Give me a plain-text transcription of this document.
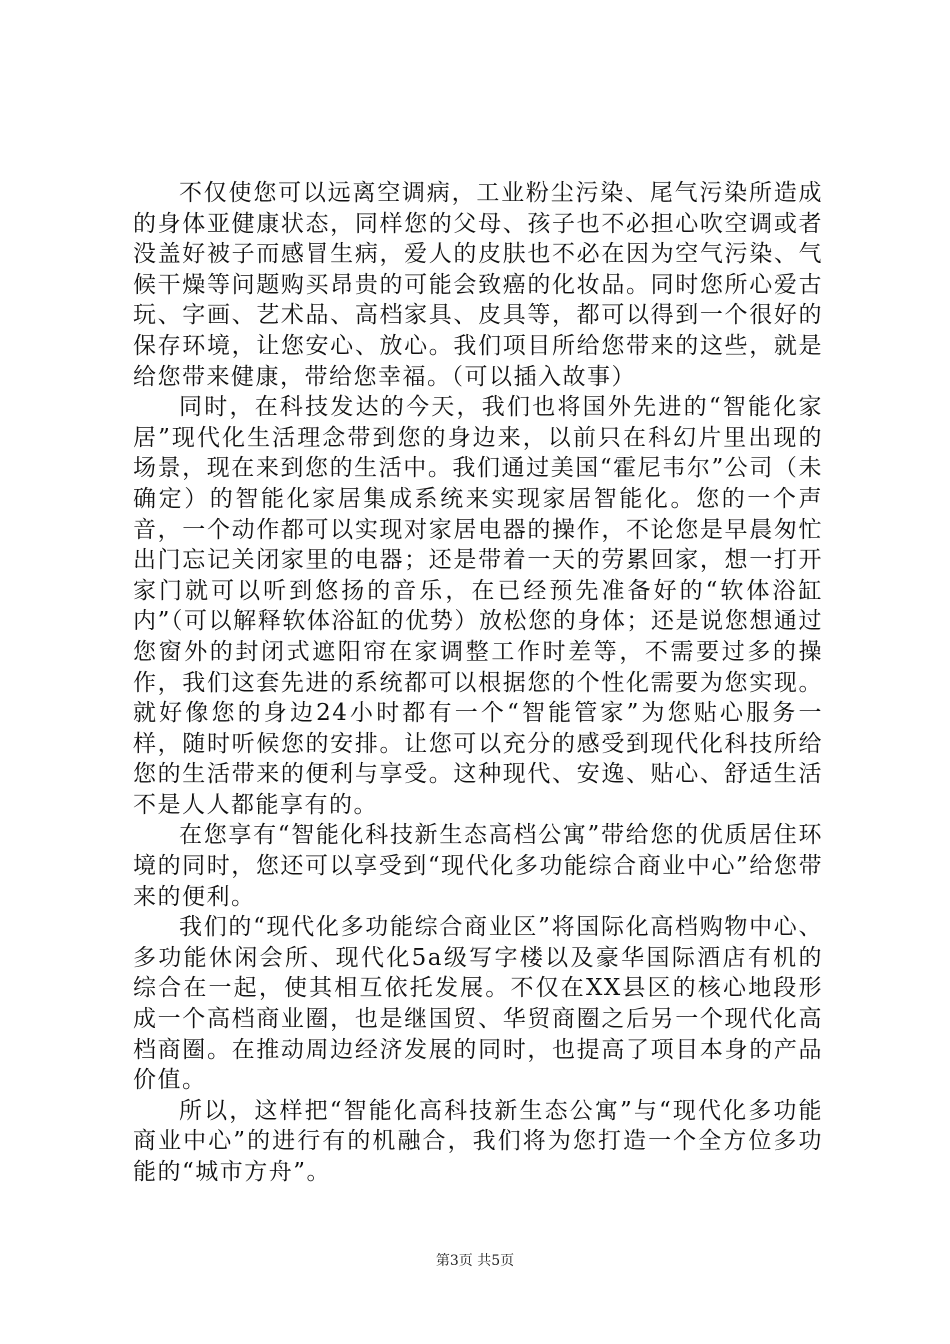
不仅使您可以远离空调病，工业粉尘污染、尾气污染所造成的身体亚健康状态，同样您的父母、孩子也不必担心吹空调或者没盖好被子而感冒生病，爱人的皮肤也不必在因为空气污染、气候干燥等问题购买昂贵的可能会致癌的化妆品。同时您所心爱古玩、字画、艺术品、高档家具、皮具等，都可以得到一个很好的保存环境，让您安心、放心。我们项目所给您带来的这些，就是给您带来健康，带给您幸福。（可以插入故事）

同时，在科技发达的今天，我们也将国外先进的“智能化家居”现代化生活理念带到您的身边来，以前只在科幻片里出现的场景，现在来到您的生活中。我们通过美国“霍尼韦尔”公司（未确定）的智能化家居集成系统来实现家居智能化。您的一个声音，一个动作都可以实现对家居电器的操作，不论您是早晨匆忙出门忘记关闭家里的电器；还是带着一天的劳累回家，想一打开家门就可以听到悠扬的音乐，在已经预先准备好的“软体浴缸内”（可以解释软体浴缸的优势）放松您的身体；还是说您想通过您窗外的封闭式遮阳帘在家调整工作时差等，不需要过多的操作，我们这套先进的系统都可以根据您的个性化需要为您实现。就好像您的身边24小时都有一个“智能管家”为您贴心服务一样，随时听候您的安排。让您可以充分的感受到现代化科技所给您的生活带来的便利与享受。这种现代、安逸、贴心、舒适生活不是人人都能享有的。

在您享有“智能化科技新生态高档公寓”带给您的优质居住环境的同时，您还可以享受到“现代化多功能综合商业中心”给您带来的便利。

我们的“现代化多功能综合商业区”将国际化高档购物中心、多功能休闲会所、现代化5a级写字楼以及豪华国际酒店有机的综合在一起，使其相互依托发展。不仅在XX县区的核心地段形成一个高档商业圈，也是继国贸、华贸商圈之后另一个现代化高档商圈。在推动周边经济发展的同时，也提高了项目本身的产品价值。

所以，这样把“智能化高科技新生态公寓”与“现代化多功能商业中心”的进行有的机融合，我们将为您打造一个全方位多功能的“城市方舟”。

第3页 共5页
